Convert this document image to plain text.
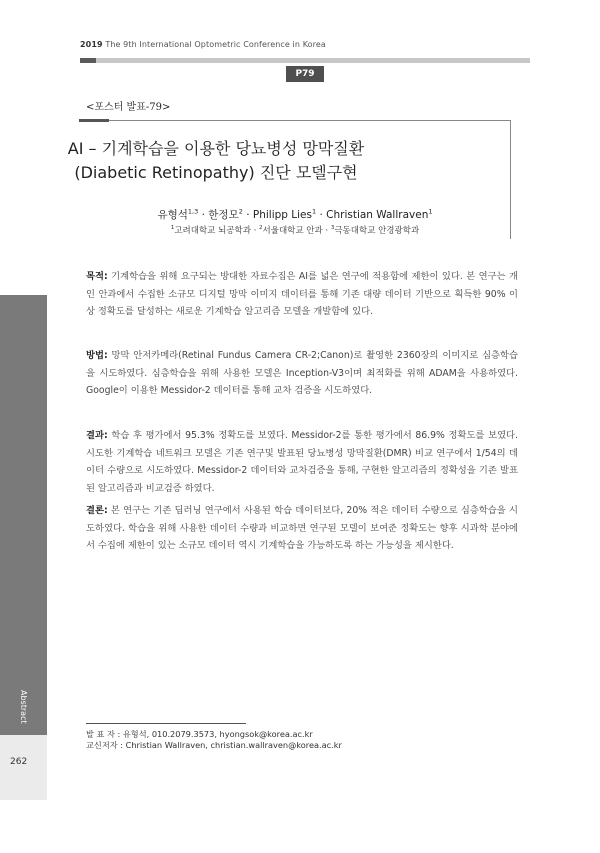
2019 The 9th International Optometric Conference in Korea
P79
<포스터 발표-79>
AI – 기계학습을 이용한 당뇨병성 망막질환
(Diabetic Retinopathy) 진단 모델구현
유형석$^{1,3}$ · 한정모$^2$ · Philipp Lies$^1$ · Christian Wallraven$^1$
$^1$고려대학교 뇌공학과 · $^2$서울대학교 안과 · $^3$극동대학교 안경광학과

목적: 기계학습을 위해 요구되는 방대한 자료수집은 AI를 넓은 연구에 적용함에 제한이 있다. 본 연구는 개인 안과에서 수집한 소규모 디지털 망막 이미지 데이터를 통해 기존 대량 데이터 기반으로 획득한 90% 이상 정확도를 달성하는 새로운 기계학습 알고리즘 모델을 개발함에 있다.

방법: 망막 안저카메라(Retinal Fundus Camera CR-2;Canon)로 촬영한 2360장의 이미지로 심층학습을 시도하였다. 심층학습을 위해 사용한 모델은 Inception-V3이며 최적화를 위해 ADAM을 사용하였다. Google이 이용한 Messidor-2 데이터를 통해 교차 검증을 시도하였다.

결과: 학습 후 평가에서 95.3% 정확도를 보였다. Messidor-2를 통한 평가에서 86.9% 정확도를 보였다. 시도한 기계학습 네트워크 모델은 기존 연구및 발표된 당뇨병성 망막질환(DMR) 비교 연구에서 1/54의 데이터 수량으로 시도하였다. Messidor-2 데이터와 교차검증을 통해, 구현한 알고리즘의 정확성을 기존 발표된 알고리즘과 비교검증 하였다.

결론: 본 연구는 기존 딥러닝 연구에서 사용된 학습 데이터보다, 20% 적은 데이터 수량으로 심층학습을 시도하였다. 학습을 위해 사용한 데이터 수량과 비교하면 연구된 모델이 보여준 정확도는 향후 시과학 분야에서 수집에 제한이 있는 소규모 데이터 역시 기계학습을 가능하도록 하는 가능성을 제시한다.

Abstract
262
발 표 자 : 유형석, 010.2079.3573, hyongsok@korea.ac.kr
교신저자 : Christian Wallraven, christian.wallraven@korea.ac.kr
